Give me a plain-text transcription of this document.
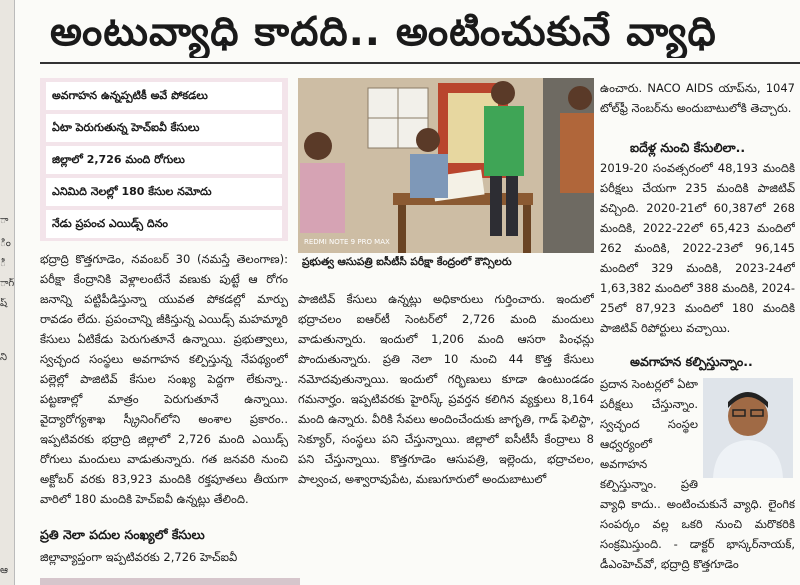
ా
ిం
ీ
ాగ్
ష్
ని
ఆ
అంటువ్యాధి కాదది.. అంటించుకునే వ్యాధి
అవగాహన ఉన్నప్పటికీ అవే పోకడలు
ఏటా పెరుగుతున్న హెచ్ఐవీ కేసులు
జిల్లాలో 2,726 మంది రోగులు
ఎనిమిది నెలల్లో 180 కేసుల నమోదు
నేడు ప్రపంచ ఎయిడ్స్ దినం
భద్రాద్రి కొత్తగూడెం, నవంబర్ 30 (నమస్తే తెలంగాణ): పరీక్షా కేంద్రానికి వెళ్లాలంటేనే వణుకు పుట్టే ఆ రోగం జనాన్ని పట్టిపీడిస్తున్నా యువత పోకడల్లో మార్పు రావడం లేదు. ప్రపంచాన్ని జీకిస్తున్న ఎయిడ్స్ మహమ్మారి కేసులు ఏటికేడు పెరుగుతూనే ఉన్నాయి. ప్రభుత్వాలు, స్వచ్ఛంద సంస్థలు అవగాహన కల్పిస్తున్న నేపథ్యంలో పల్లెల్లో పాజిటివ్ కేసుల సంఖ్య పెద్దగా లేకున్నా.. పట్టణాల్లో మాత్రం పెరుగుతూనే ఉన్నాయి. వైద్యారోగ్యశాఖ స్క్రీనింగ్‌లోని అంశాల ప్రకారం.. ఇప్పటివరకు భద్రాద్రి జిల్లాలో 2,726 మంది ఎయిడ్స్ రోగులు మందులు వాడుతున్నారు. గత జనవరి నుంచి అక్టోబర్ వరకు 83,923 మందికి రక్తపూతలు తీయగా వారిలో 180 మందికి హెచ్ఐవీ ఉన్నట్లు తేలింది.
ప్రతి నెలా పదుల సంఖ్యలో కేసులు
జిల్లావ్యాప్తంగా ఇప్పటివరకు 2,726 హెచ్ఐవీ
REDMI NOTE 9 PRO MAX
ప్రభుత్వ ఆసుపత్రి ఐసీటీసీ పరీక్షా కేంద్రంలో కౌన్సిలరు
పాజిటివ్ కేసులు ఉన్నట్లు అధికారులు గుర్తించారు. ఇందులో భద్రాచలం ఐఆర్‌టీ సెంటర్‌లో 2,726 మంది మందులు వాడుతున్నారు. ఇందులో 1,206 మంది ఆసరా పింఛన్లు పొందుతున్నారు. ప్రతి నెలా 10 నుంచి 44 కొత్త కేసులు నమోదవుతున్నాయి. ఇందులో గర్భిణులు కూడా ఉంటుండడం గమనార్హం. ఇప్పటివరకు హైరిస్క్ ప్రవర్తన కలిగిన వ్యక్తులు 8,164 మంది ఉన్నారు. వీరికి సేవలు అందించేందుకు జాగృతి, గాడ్ ఫెలిస్టా, సెక్యూర్, సంస్థలు పని చేస్తున్నాయి. జిల్లాలో ఐసీటీసీ కేంద్రాలు 8 పని చేస్తున్నాయి. కొత్తగూడెం ఆసుపత్రి, ఇల్లెందు, భద్రాచలం, పాల్వంచ, అశ్వారావుపేట, మణుగూరులో అందుబాటులో
ఉంచారు. NACO AIDS యాప్‌ను, 1047 టోల్‌ఫ్రీ నెంబర్‌ను అందుబాటులోకి తెచ్చారు.
ఐదేళ్ల నుంచి కేసులిలా..
2019-20 సంవత్సరంలో 48,193 మందికి పరీక్షలు చేయగా 235 మందికి పాజిటివ్ వచ్చింది. 2020-21లో 60,387లో 268 మందికి, 2022-22లో 65,423 మందిలో 262 మందికి, 2022-23లో 96,145 మందిలో 329 మందికి, 2023-24లో 1,63,382 మందిలో 388 మందికి, 2024-25లో 87,923 మందిలో 180 మందికి పాజిటివ్ రిపోర్టులు వచ్చాయి.
అవగాహన కల్పిస్తున్నాం..
ప్రదాన సెంటర్లలో ఏటా పరీక్షలు చేస్తున్నాం. స్వచ్ఛంద సంస్థల ఆధ్వర్యంలో అవగాహన కల్పిస్తున్నాం. ప్రతి
వ్యాధి కాదు.. అంటించుకునే వ్యాధి. లైంగిక సంపర్కం వల్ల ఒకరి నుంచి మరొకరికి సంక్రమిస్తుంది. - డాక్టర్ భాస్కర్‌నాయక్, డీఎంహెచ్‌వో, భద్రాద్రి కొత్తగూడెం
